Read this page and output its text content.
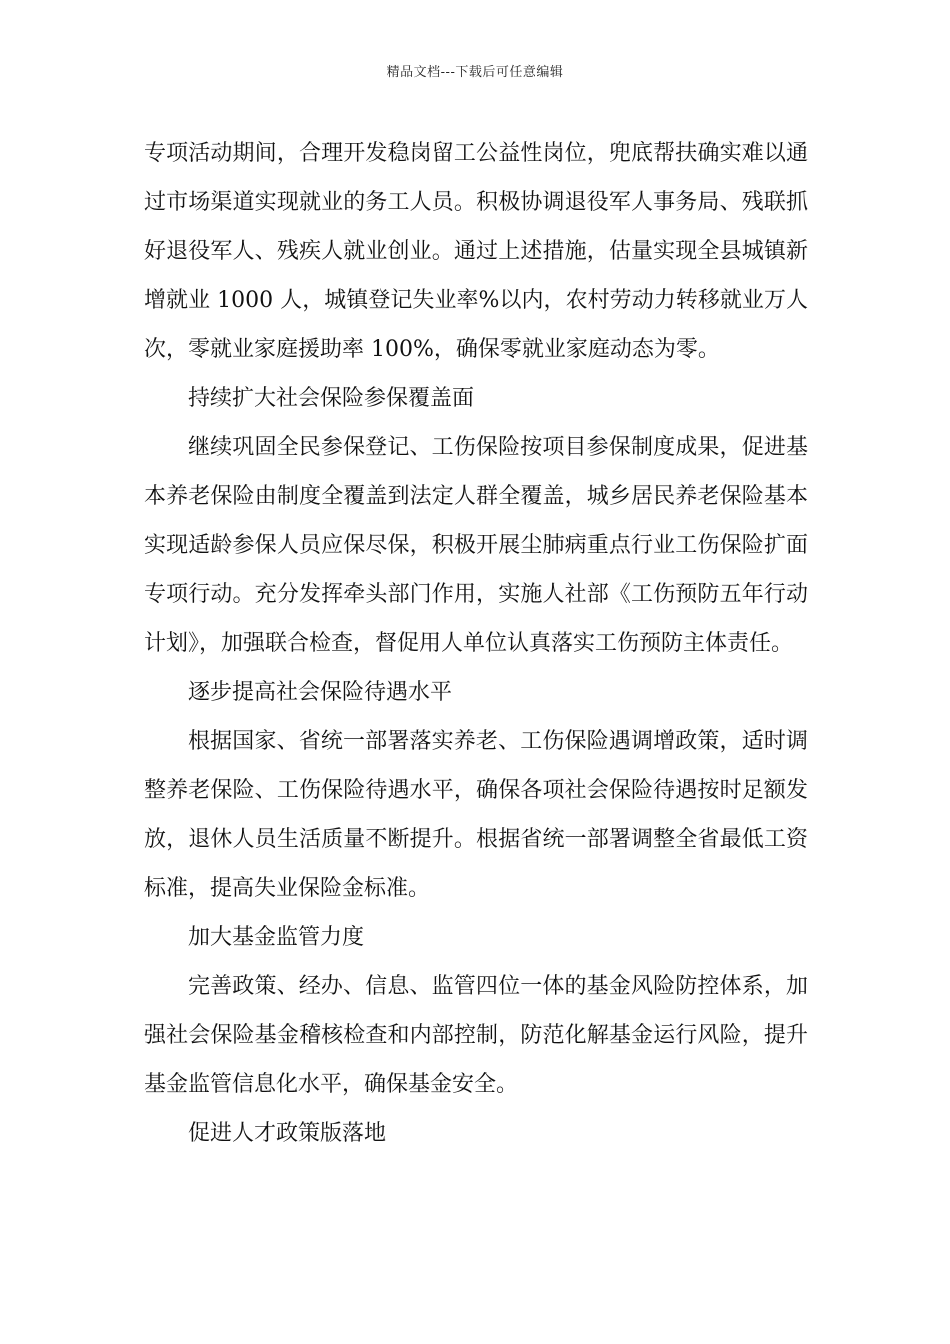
精品文档---下载后可任意编辑

专项活动期间，合理开发稳岗留工公益性岗位，兜底帮扶确实难以通过市场渠道实现就业的务工人员。积极协调退役军人事务局、残联抓好退役军人、残疾人就业创业。通过上述措施，估量实现全县城镇新增就业 1000 人，城镇登记失业率%以内，农村劳动力转移就业万人次，零就业家庭援助率 100%，确保零就业家庭动态为零。

持续扩大社会保险参保覆盖面

继续巩固全民参保登记、工伤保险按项目参保制度成果，促进基本养老保险由制度全覆盖到法定人群全覆盖，城乡居民养老保险基本实现适龄参保人员应保尽保，积极开展尘肺病重点行业工伤保险扩面专项行动。充分发挥牵头部门作用，实施人社部《工伤预防五年行动计划》，加强联合检查，督促用人单位认真落实工伤预防主体责任。

逐步提高社会保险待遇水平

根据国家、省统一部署落实养老、工伤保险遇调增政策，适时调整养老保险、工伤保险待遇水平，确保各项社会保险待遇按时足额发放，退休人员生活质量不断提升。根据省统一部署调整全省最低工资标准，提高失业保险金标准。

加大基金监管力度

完善政策、经办、信息、监管四位一体的基金风险防控体系，加强社会保险基金稽核检查和内部控制，防范化解基金运行风险，提升基金监管信息化水平，确保基金安全。

促进人才政策版落地
